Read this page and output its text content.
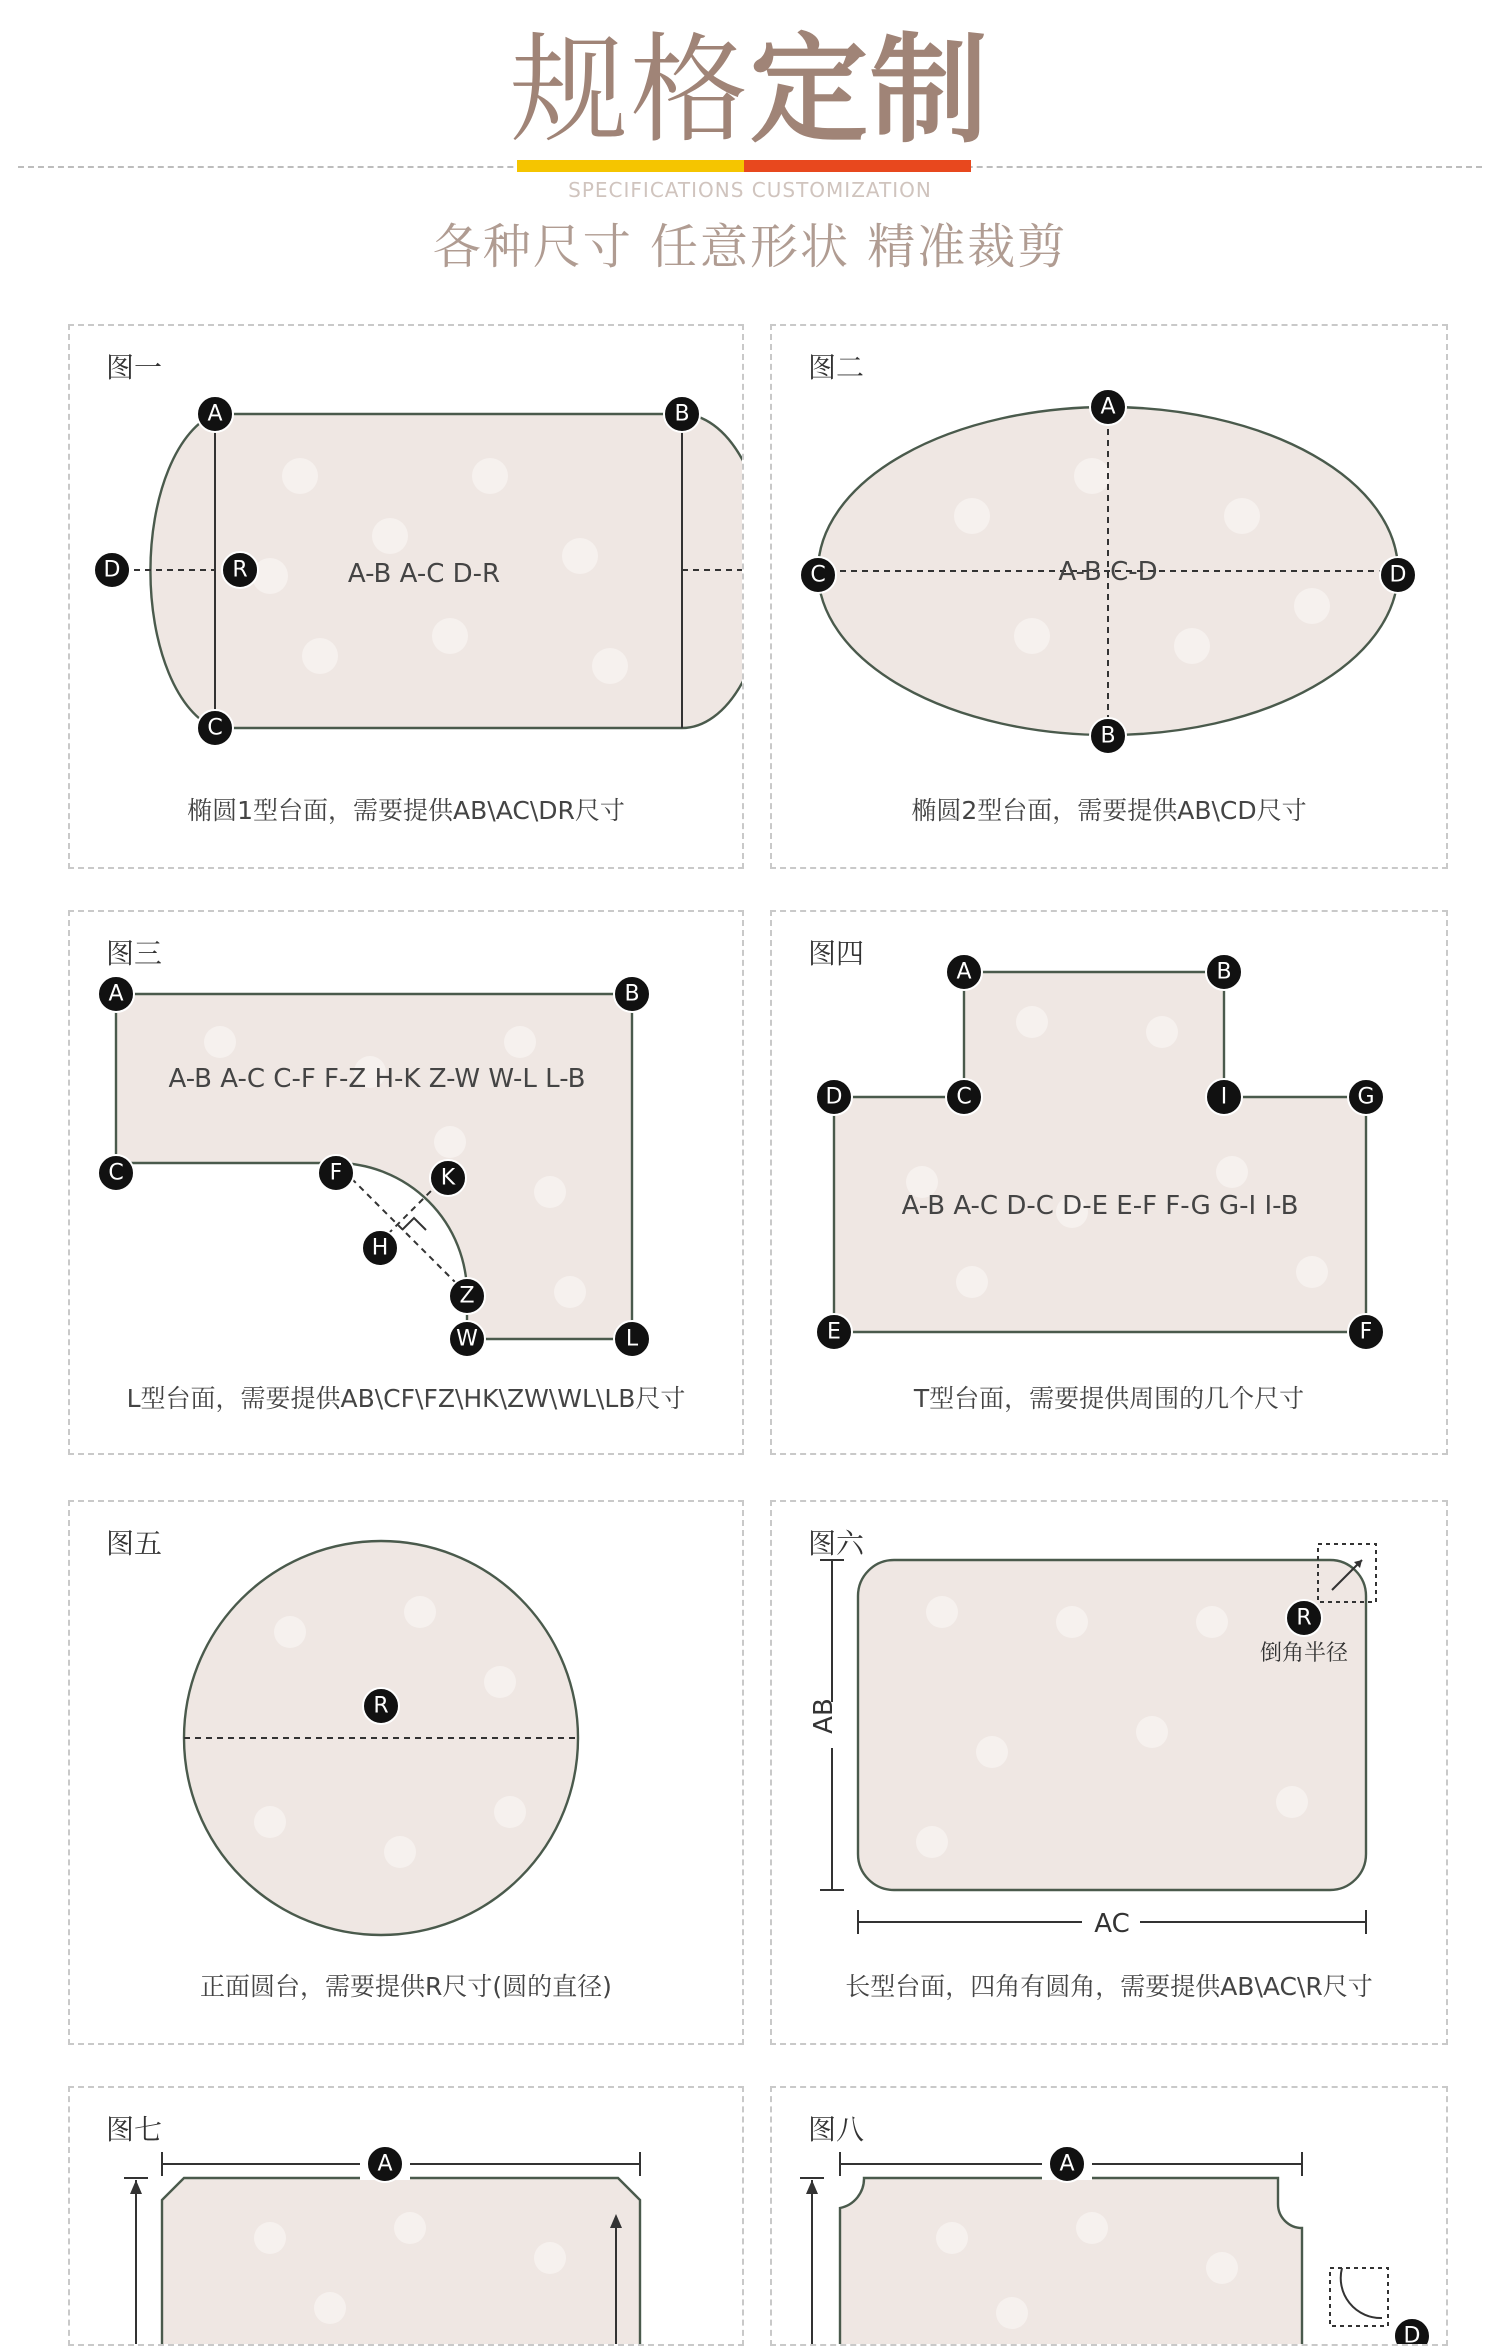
规格定制
SPECIFICATIONS CUSTOMIZATION
各种尺寸 任意形状 精准裁剪
图一
A-B A-C D-R
A	B
C
D	R
椭圆1型台面，需要提供AB\AC\DR尺寸
图二
A-B C-D
A
B
C	D
椭圆2型台面，需要提供AB\CD尺寸
图三
A-B A-C C-F F-Z H-K Z-W W-L L-B
A	B
C	F	K
H
Z
W	L
L型台面，需要提供AB\CF\FZ\HK\ZW\WL\LB尺寸
图四
A-B A-C D-C D-E E-F F-G G-I I-B
A	B
C
D	I	G
E	F
T型台面，需要提供周围的几个尺寸
图五
R
正面圆台，需要提供R尺寸(圆的直径)
图六
R
倒角半径
AB
AC
长型台面，四角有圆角，需要提供AB\AC\R尺寸
图七
A
图八
A
D
